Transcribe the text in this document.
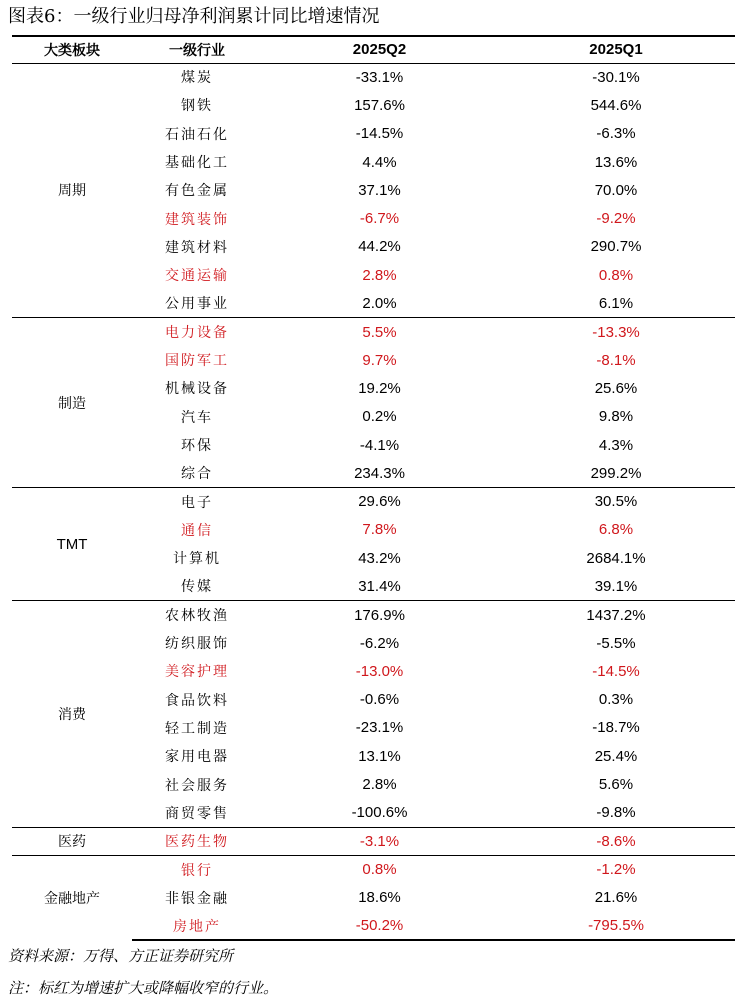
图表6：一级行业归母净利润累计同比增速情况
大类板块	一级行业	2025Q2	2025Q1
周期	煤炭	-33.1%	-30.1%
	钢铁	157.6%	544.6%
	石油石化	-14.5%	-6.3%
	基础化工	4.4%	13.6%
	有色金属	37.1%	70.0%
	建筑装饰	-6.7%	-9.2%
	建筑材料	44.2%	290.7%
	交通运输	2.8%	0.8%
	公用事业	2.0%	6.1%
制造	电力设备	5.5%	-13.3%
	国防军工	9.7%	-8.1%
	机械设备	19.2%	25.6%
	汽车	0.2%	9.8%
	环保	-4.1%	4.3%
	综合	234.3%	299.2%
TMT	电子	29.6%	30.5%
	通信	7.8%	6.8%
	计算机	43.2%	2684.1%
	传媒	31.4%	39.1%
消费	农林牧渔	176.9%	1437.2%
	纺织服饰	-6.2%	-5.5%
	美容护理	-13.0%	-14.5%
	食品饮料	-0.6%	0.3%
	轻工制造	-23.1%	-18.7%
	家用电器	13.1%	25.4%
	社会服务	2.8%	5.6%
	商贸零售	-100.6%	-9.8%
医药	医药生物	-3.1%	-8.6%
金融地产	银行	0.8%	-1.2%
	非银金融	18.6%	21.6%
	房地产	-50.2%	-795.5%
资料来源：万得、方正证券研究所
注：标红为增速扩大或降幅收窄的行业。
